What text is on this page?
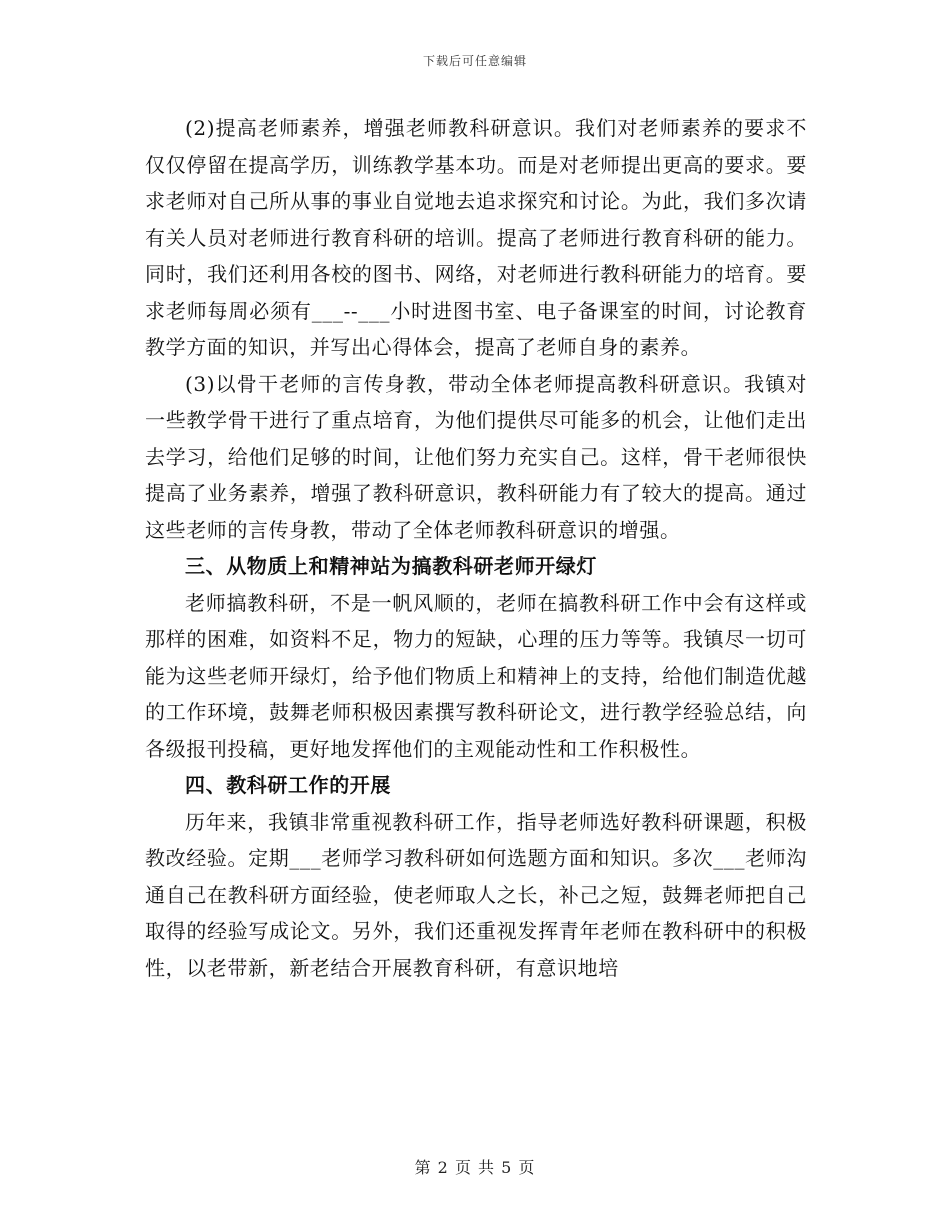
下载后可任意编辑

(2)提高老师素养，增强老师教科研意识。我们对老师素养的要求不仅仅停留在提高学历，训练教学基本功。而是对老师提出更高的要求。要求老师对自己所从事的事业自觉地去追求探究和讨论。为此，我们多次请有关人员对老师进行教育科研的培训。提高了老师进行教育科研的能力。同时，我们还利用各校的图书、网络，对老师进行教科研能力的培育。要求老师每周必须有___--___小时进图书室、电子备课室的时间，讨论教育教学方面的知识，并写出心得体会，提高了老师自身的素养。

(3)以骨干老师的言传身教，带动全体老师提高教科研意识。我镇对一些教学骨干进行了重点培育，为他们提供尽可能多的机会，让他们走出去学习，给他们足够的时间，让他们努力充实自己。这样，骨干老师很快提高了业务素养，增强了教科研意识，教科研能力有了较大的提高。通过这些老师的言传身教，带动了全体老师教科研意识的增强。

三、从物质上和精神站为搞教科研老师开绿灯

老师搞教科研，不是一帆风顺的，老师在搞教科研工作中会有这样或那样的困难，如资料不足，物力的短缺，心理的压力等等。我镇尽一切可能为这些老师开绿灯，给予他们物质上和精神上的支持，给他们制造优越的工作环境，鼓舞老师积极因素撰写教科研论文，进行教学经验总结，向各级报刊投稿，更好地发挥他们的主观能动性和工作积极性。

四、教科研工作的开展

历年来，我镇非常重视教科研工作，指导老师选好教科研课题，积极教改经验。定期___老师学习教科研如何选题方面和知识。多次___老师沟通自己在教科研方面经验，使老师取人之长，补己之短，鼓舞老师把自己取得的经验写成论文。另外，我们还重视发挥青年老师在教科研中的积极性，以老带新，新老结合开展教育科研，有意识地培

第 2 页 共 5 页
